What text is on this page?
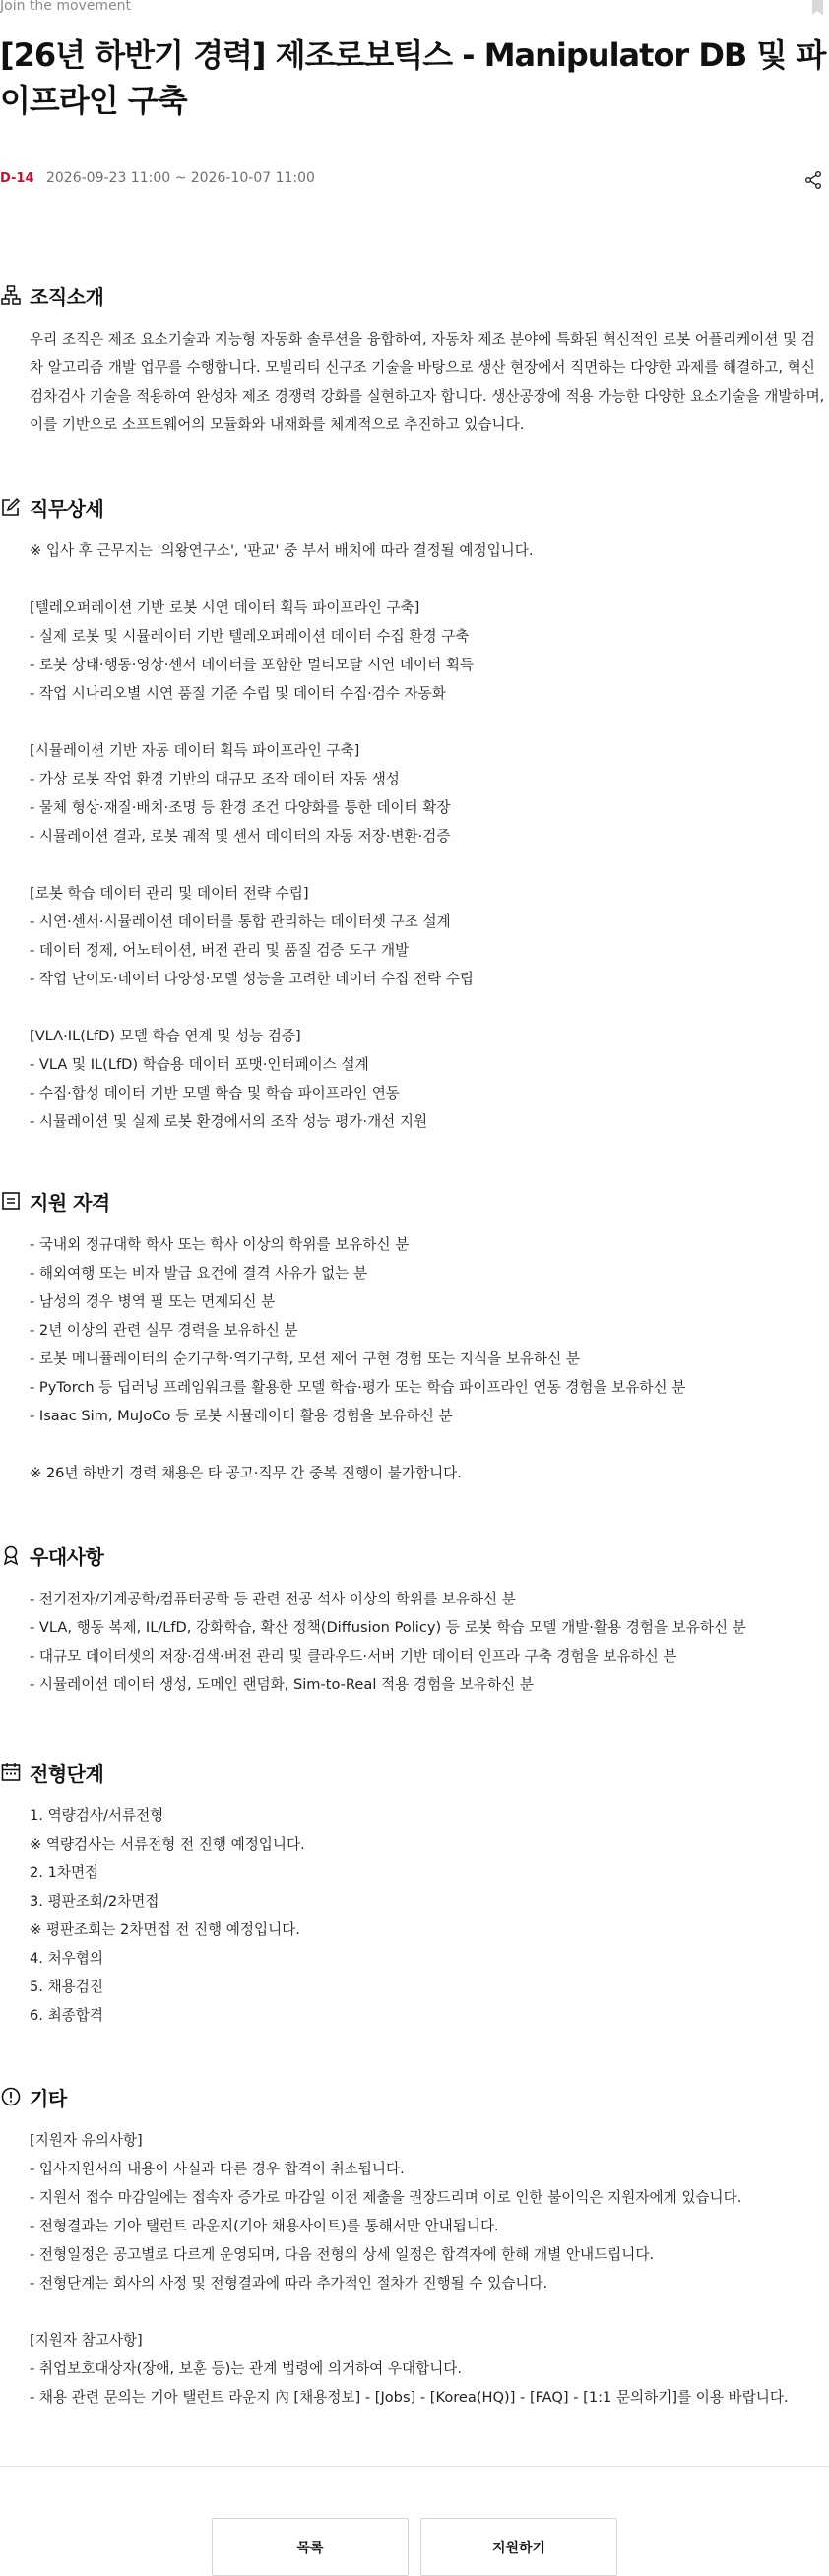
Join the movement
[26년 하반기 경력] 제조로보틱스 - Manipulator DB 및 파이프라인 구축
D-14 2026-09-23 11:00 ~ 2026-10-07 11:00
조직소개

우리 조직은 제조 요소기술과 지능형 자동화 솔루션을 융합하여, 자동차 제조 분야에 특화된 혁신적인 로봇 어플리케이션 및 검

차 알고리즘 개발 업무를 수행합니다. 모빌리티 신구조 기술을 바탕으로 생산 현장에서 직면하는 다양한 과제를 해결하고, 혁신

검차검사 기술을 적용하여 완성차 제조 경쟁력 강화를 실현하고자 합니다. 생산공장에 적용 가능한 다양한 요소기술을 개발하며,

이를 기반으로 소프트웨어의 모듈화와 내재화를 체계적으로 추진하고 있습니다.

직무상세

※ 입사 후 근무지는 '의왕연구소', '판교' 중 부서 배치에 따라 결정될 예정입니다.

[텔레오퍼레이션 기반 로봇 시연 데이터 획득 파이프라인 구축]

- 실제 로봇 및 시뮬레이터 기반 텔레오퍼레이션 데이터 수집 환경 구축

- 로봇 상태·행동·영상·센서 데이터를 포함한 멀티모달 시연 데이터 획득

- 작업 시나리오별 시연 품질 기준 수립 및 데이터 수집·검수 자동화

[시뮬레이션 기반 자동 데이터 획득 파이프라인 구축]

- 가상 로봇 작업 환경 기반의 대규모 조작 데이터 자동 생성

- 물체 형상·재질·배치·조명 등 환경 조건 다양화를 통한 데이터 확장

- 시뮬레이션 결과, 로봇 궤적 및 센서 데이터의 자동 저장·변환·검증

[로봇 학습 데이터 관리 및 데이터 전략 수립]

- 시연·센서·시뮬레이션 데이터를 통합 관리하는 데이터셋 구조 설계

- 데이터 정제, 어노테이션, 버전 관리 및 품질 검증 도구 개발

- 작업 난이도·데이터 다양성·모델 성능을 고려한 데이터 수집 전략 수립

[VLA·IL(LfD) 모델 학습 연계 및 성능 검증]

- VLA 및 IL(LfD) 학습용 데이터 포맷·인터페이스 설계

- 수집·합성 데이터 기반 모델 학습 및 학습 파이프라인 연동

- 시뮬레이션 및 실제 로봇 환경에서의 조작 성능 평가·개선 지원

지원 자격

- 국내외 정규대학 학사 또는 학사 이상의 학위를 보유하신 분

- 해외여행 또는 비자 발급 요건에 결격 사유가 없는 분

- 남성의 경우 병역 필 또는 면제되신 분

- 2년 이상의 관련 실무 경력을 보유하신 분

- 로봇 메니퓰레이터의 순기구학·역기구학, 모션 제어 구현 경험 또는 지식을 보유하신 분

- PyTorch 등 딥러닝 프레임워크를 활용한 모델 학습·평가 또는 학습 파이프라인 연동 경험을 보유하신 분

- Isaac Sim, MuJoCo 등 로봇 시뮬레이터 활용 경험을 보유하신 분

※ 26년 하반기 경력 채용은 타 공고·직무 간 중복 진행이 불가합니다.

우대사항

- 전기전자/기계공학/컴퓨터공학 등 관련 전공 석사 이상의 학위를 보유하신 분

- VLA, 행동 복제, IL/LfD, 강화학습, 확산 정책(Diffusion Policy) 등 로봇 학습 모델 개발·활용 경험을 보유하신 분

- 대규모 데이터셋의 저장·검색·버전 관리 및 클라우드·서버 기반 데이터 인프라 구축 경험을 보유하신 분

- 시뮬레이션 데이터 생성, 도메인 랜덤화, Sim-to-Real 적용 경험을 보유하신 분

전형단계

1. 역량검사/서류전형

※ 역량검사는 서류전형 전 진행 예정입니다.

2. 1차면접

3. 평판조회/2차면접

※ 평판조회는 2차면접 전 진행 예정입니다.

4. 처우협의

5. 채용검진

6. 최종합격

기타

[지원자 유의사항]

- 입사지원서의 내용이 사실과 다른 경우 합격이 취소됩니다.

- 지원서 접수 마감일에는 접속자 증가로 마감일 이전 제출을 권장드리며 이로 인한 불이익은 지원자에게 있습니다.

- 전형결과는 기아 탤런트 라운지(기아 채용사이트)를 통해서만 안내됩니다.

- 전형일정은 공고별로 다르게 운영되며, 다음 전형의 상세 일정은 합격자에 한해 개별 안내드립니다.

- 전형단계는 회사의 사정 및 전형결과에 따라 추가적인 절차가 진행될 수 있습니다.

[지원자 참고사항]

- 취업보호대상자(장애, 보훈 등)는 관계 법령에 의거하여 우대합니다.

- 채용 관련 문의는 기아 탤런트 라운지 內 [채용정보] - [Jobs] - [Korea(HQ)] - [FAQ] - [1:1 문의하기]를 이용 바랍니다.

목록	지원하기
